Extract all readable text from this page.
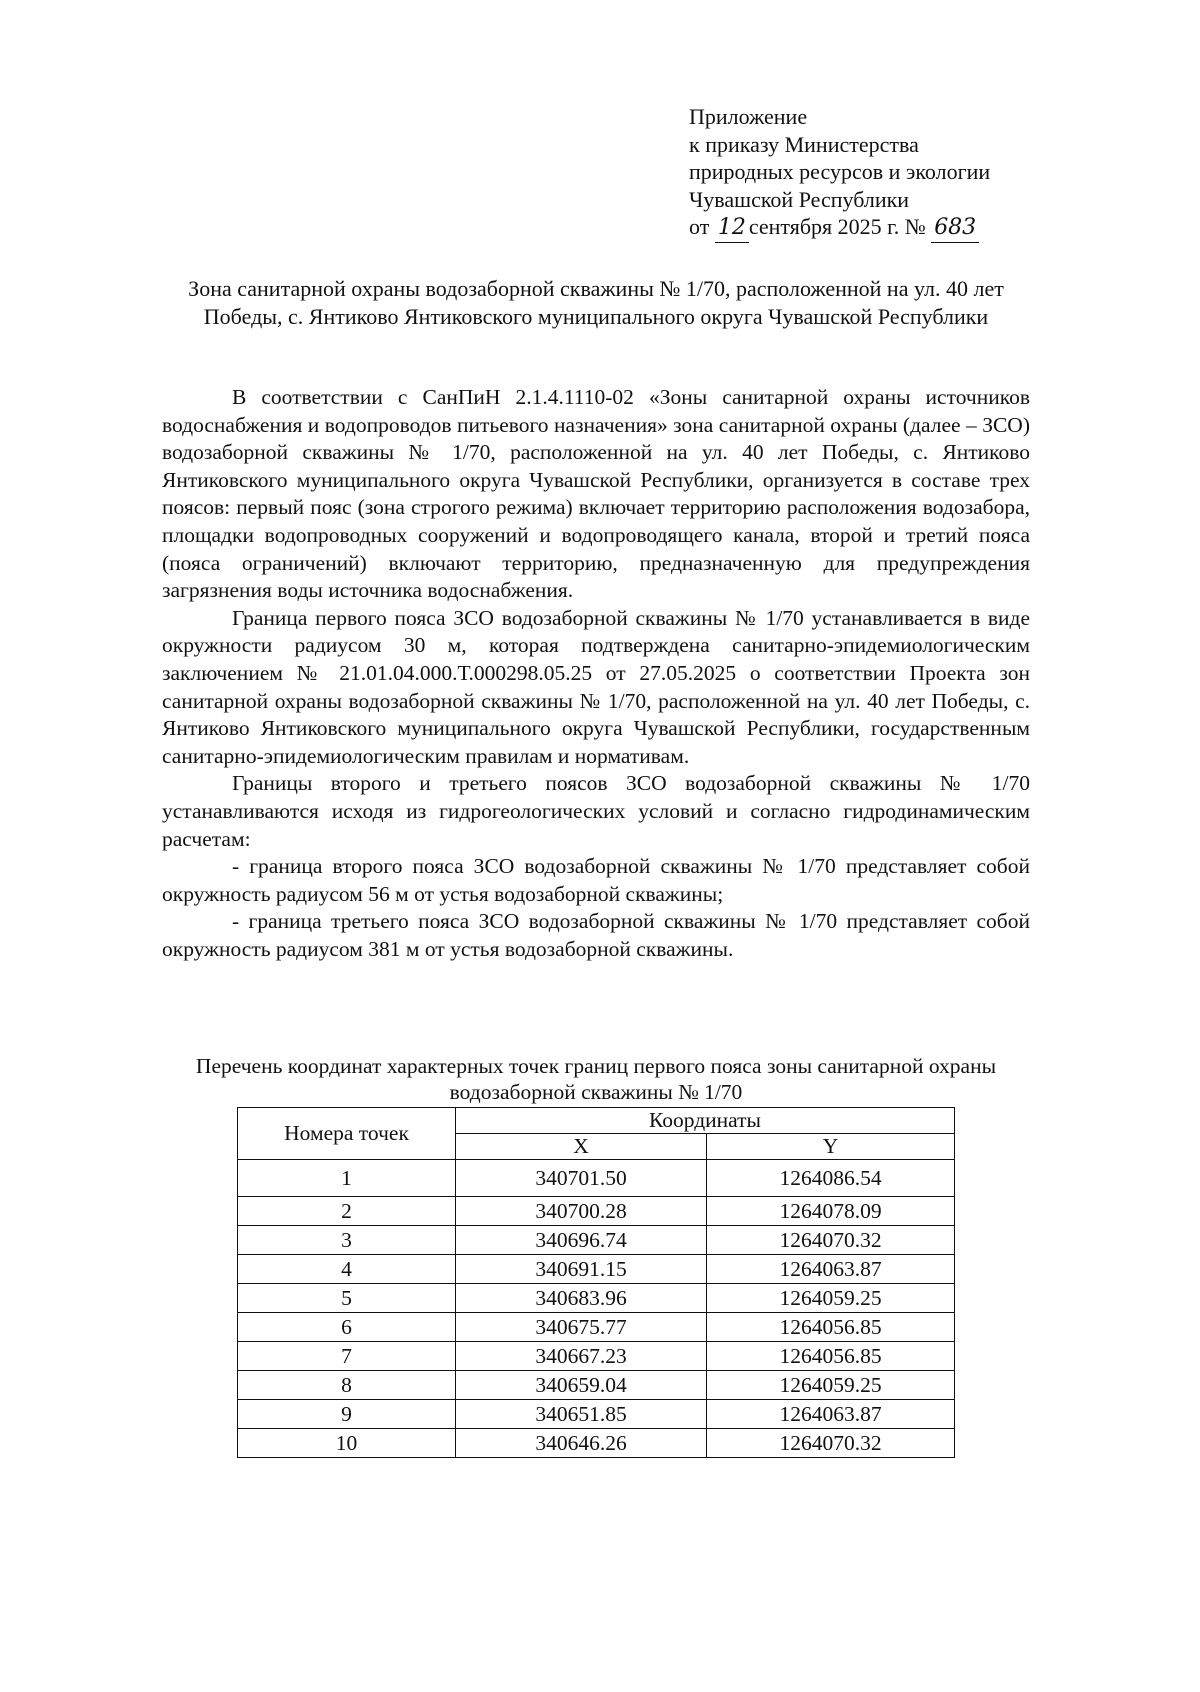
Приложение
к приказу Министерства
природных ресурсов и экологии
Чувашской Республики
от 12 сентября 2025 г. № 683
Зона санитарной охраны водозаборной скважины № 1/70, расположенной на ул. 40 лет Победы, с. Янтиково Янтиковского муниципального округа Чувашской Республики

В соответствии с СанПиН 2.1.4.1110-02 «Зоны санитарной охраны источников водоснабжения и водопроводов питьевого назначения» зона санитарной охраны (далее – ЗСО) водозаборной скважины № 1/70, расположенной на ул. 40 лет Победы, с. Янтиково Янтиковского муниципального округа Чувашской Республики, организуется в составе трех поясов: первый пояс (зона строгого режима) включает территорию расположения водозабора, площадки водопроводных сооружений и водопроводящего канала, второй и третий пояса (пояса ограничений) включают территорию, предназначенную для предупреждения загрязнения воды источника водоснабжения.

Граница первого пояса ЗСО водозаборной скважины № 1/70 устанавливается в виде окружности радиусом 30 м, которая подтверждена санитарно-эпидемиологическим заключением № 21.01.04.000.Т.000298.05.25 от 27.05.2025 о соответствии Проекта зон санитарной охраны водозаборной скважины № 1/70, расположенной на ул. 40 лет Победы, с. Янтиково Янтиковского муниципального округа Чувашской Республики, государственным санитарно-эпидемиологическим правилам и нормативам.

Границы второго и третьего поясов ЗСО водозаборной скважины № 1/70 устанавливаются исходя из гидрогеологических условий и согласно гидродинамическим расчетам:

- граница второго пояса ЗСО водозаборной скважины № 1/70 представляет собой окружность радиусом 56 м от устья водозаборной скважины;

- граница третьего пояса ЗСО водозаборной скважины № 1/70 представляет собой окружность радиусом 381 м от устья водозаборной скважины.

Перечень координат характерных точек границ первого пояса зоны санитарной охраны водозаборной скважины № 1/70
Номера точек	Координаты	
	X	Y
1	340701.50	1264086.54
2	340700.28	1264078.09
3	340696.74	1264070.32
4	340691.15	1264063.87
5	340683.96	1264059.25
6	340675.77	1264056.85
7	340667.23	1264056.85
8	340659.04	1264059.25
9	340651.85	1264063.87
10	340646.26	1264070.32
